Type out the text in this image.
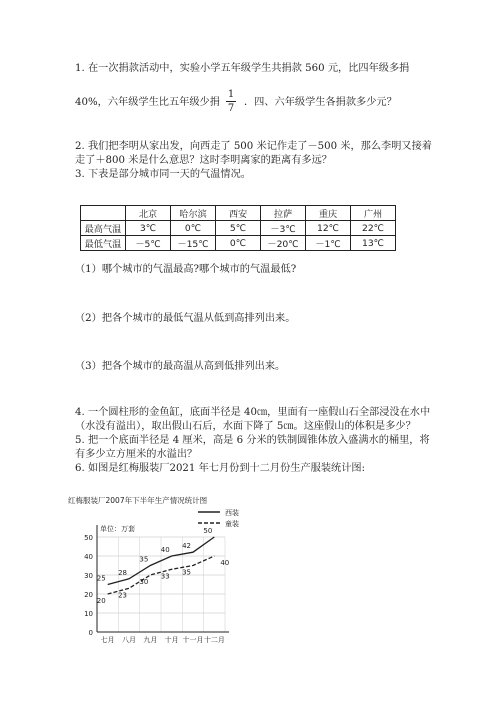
1. 在一次捐款活动中，实验小学五年级学生共捐款 560 元，比四年级多捐
40%，六年级学生比五年级少捐
1
7
．四、六年级学生各捐款多少元？
2. 我们把李明从家出发，向西走了 500 米记作走了－500 米，那么李明又接着
走了＋800 米是什么意思？这时李明离家的距离有多远？
3. 下表是部分城市同一天的气温情况。
	北京	哈尔滨	西安	拉萨	重庆	广州
最高气温	3℃	0℃	5℃	－3℃	12℃	22℃
最低气温	－5℃	－15℃	0℃	－20℃	－1℃	13℃
（1）哪个城市的气温最高?哪个城市的气温最低?
（2）把各个城市的最低气温从低到高排列出来。
（3）把各个城市的最高温从高到低排列出来。
4. 一个圆柱形的金鱼缸，底面半径是 40㎝，里面有一座假山石全部浸没在水中
（水没有溢出），取出假山石后，水面下降了 5㎝。这座假山的体积是多少？
5. 把一个底面半径是 4 厘米，高是 6 分米的铁制圆锥体放入盛满水的桶里，将
有多少立方厘米的水溢出？
6. 如图是红梅服装厂2021 年七月份到十二月份生产服装统计图:
红梅服装厂2007年下半年生产情况统计图
0
10
20
30
40
50
单位：万套
七月 八月 九月 十月 十一月 十二月
25
28
35
40 42
50
20
23
30
33 35
40
西装
童装
